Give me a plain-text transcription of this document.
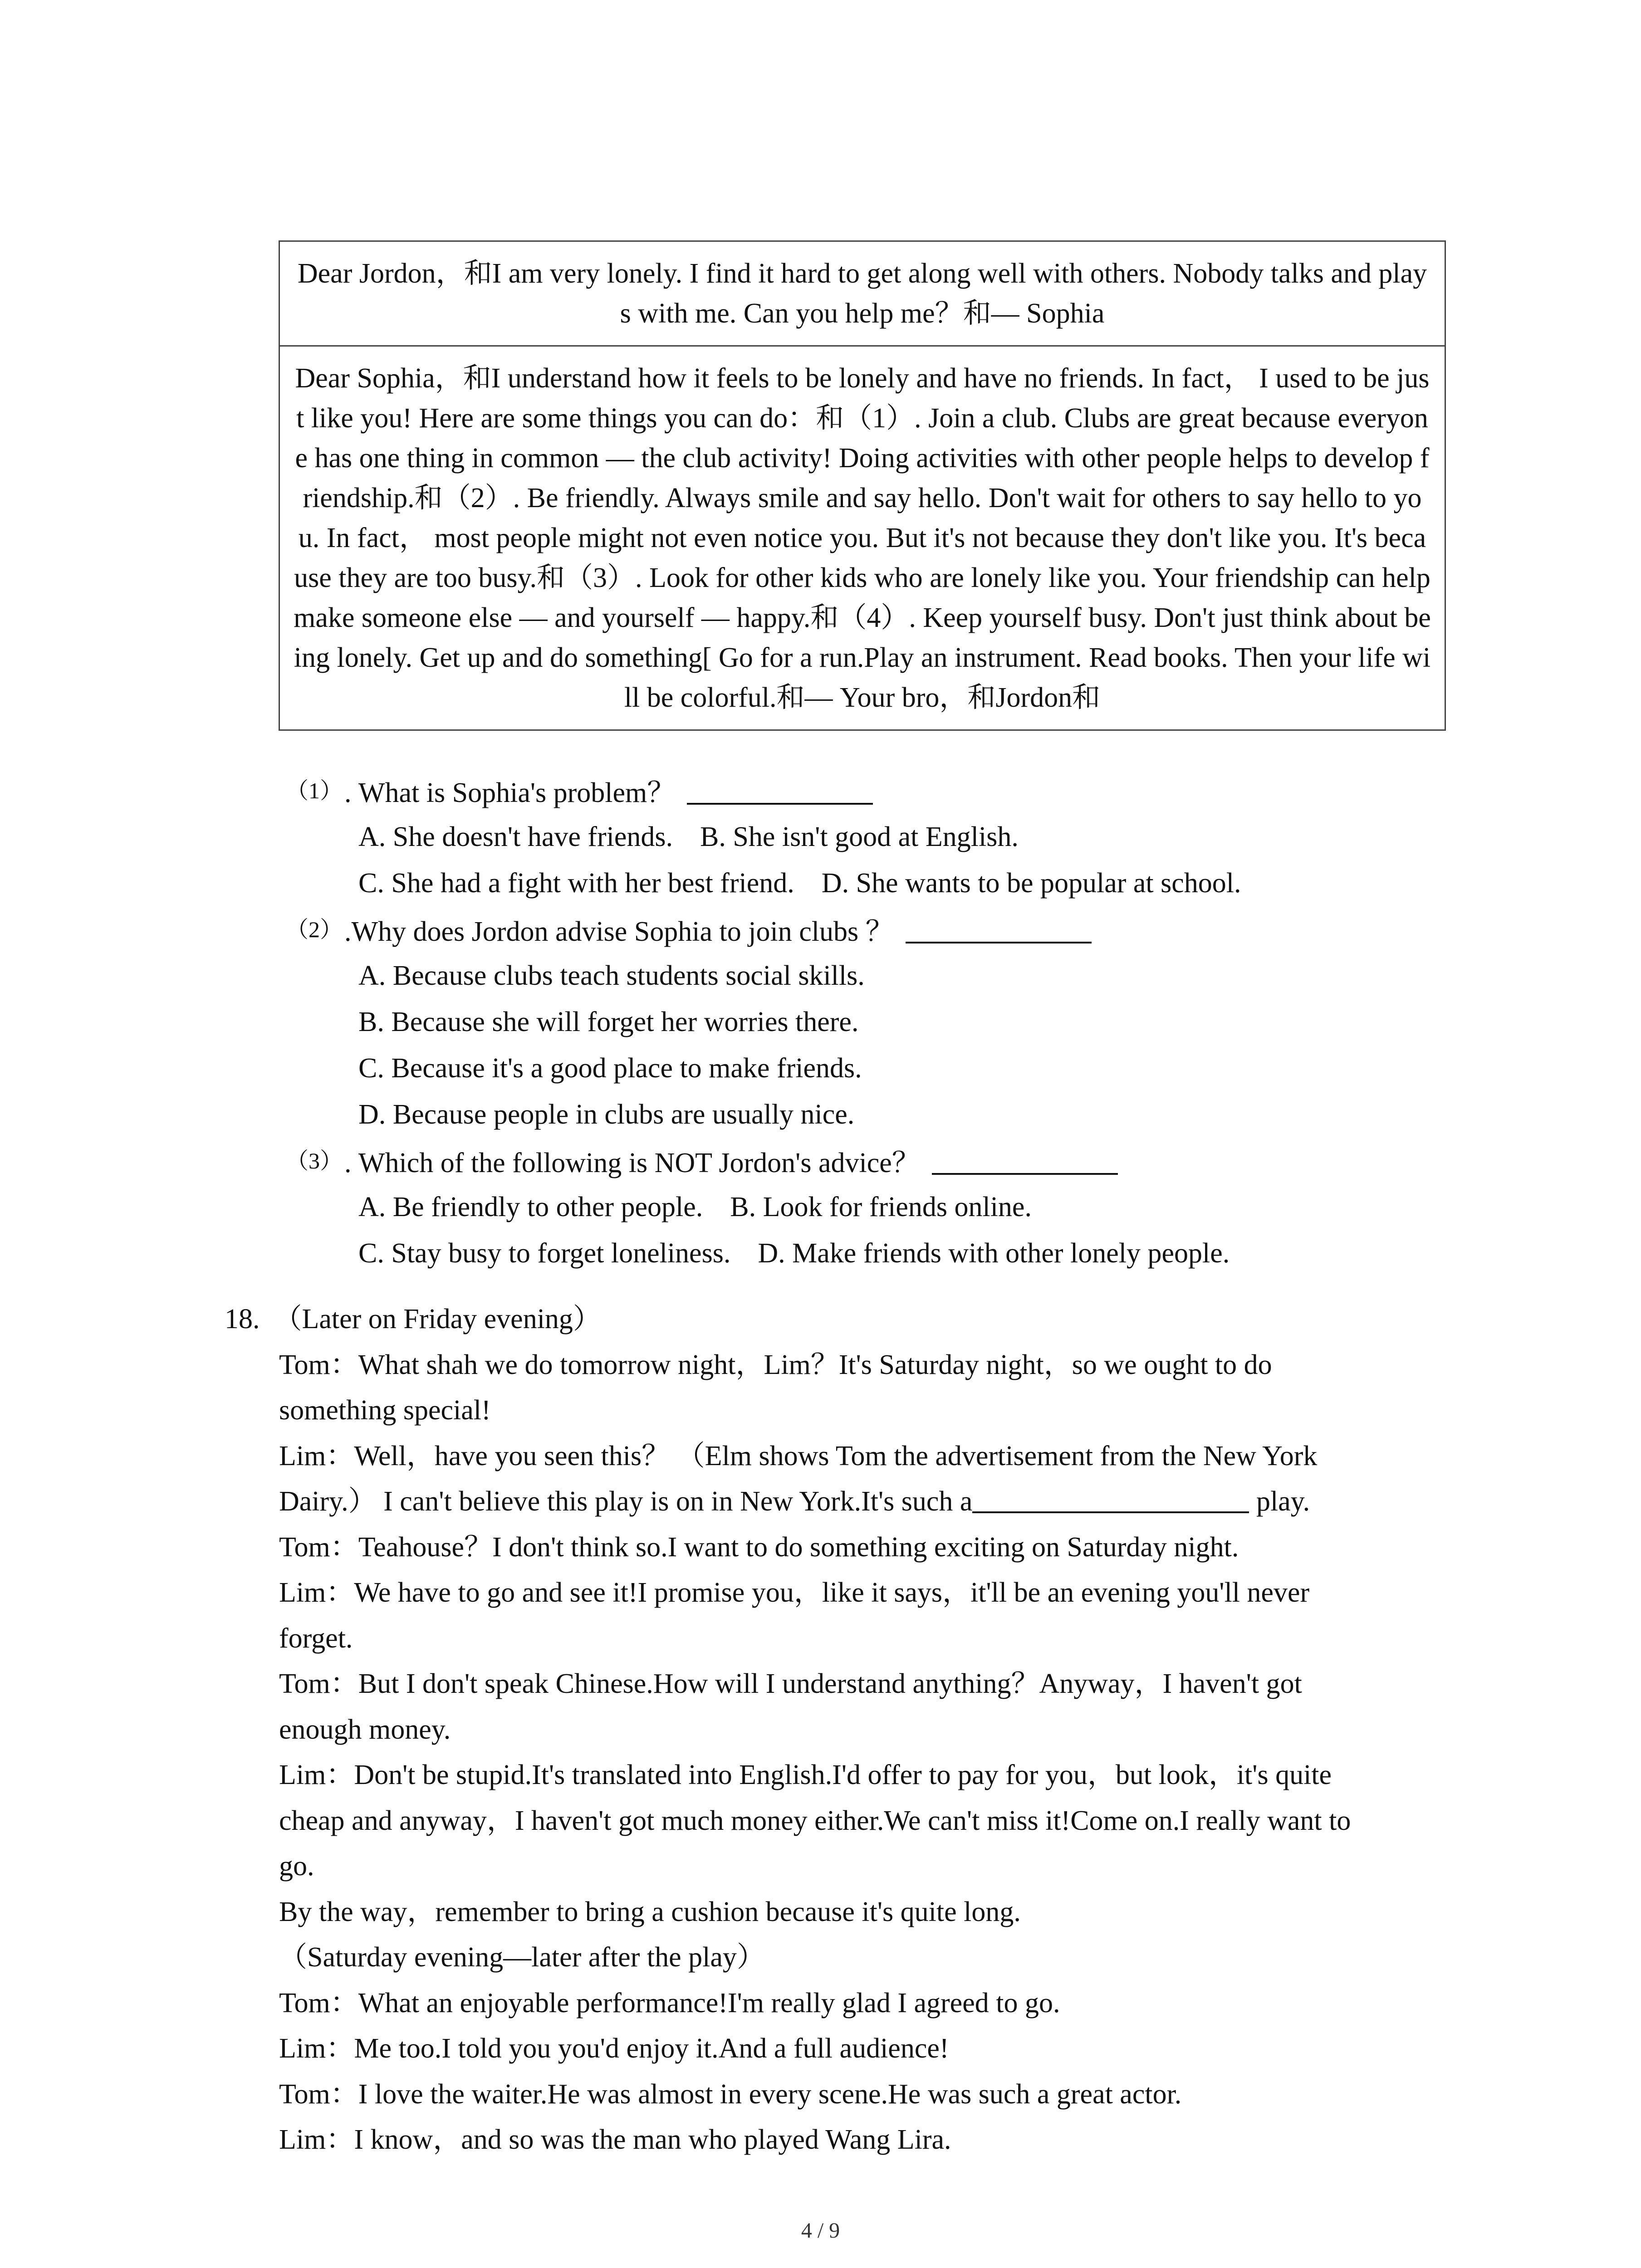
Dear Jordon，和I am very lonely. I find it hard to get along well with others. Nobody talks and plays with me. Can you help me？和— Sophia
Dear Sophia，和I understand how it feels to be lonely and have no friends. In fact， I used to be just like you! Here are some things you can do：和（1）. Join a club. Clubs are great because everyone has one thing in common — the club activity! Doing activities with other people helps to develop friendship.和（2）. Be friendly. Always smile and say hello. Don't wait for others to say hello to you. In fact， most people might not even notice you. But it's not because they don't like you. It's because they are too busy.和（3）. Look for other kids who are lonely like you. Your friendship can help make someone else — and yourself — happy.和（4）. Keep yourself busy. Don't just think about being lonely. Get up and do something[ Go for a run.Play an instrument. Read books. Then your life will be colorful.和— Your bro，和Jordon和
（1）. What is Sophia's problem？
A. She doesn't have friends. B. She isn't good at English.
C. She had a fight with her best friend. D. She wants to be popular at school.
（2）.Why does Jordon advise Sophia to join clubs ？
A. Because clubs teach students social skills.
B. Because she will forget her worries there.
C. Because it's a good place to make friends.
D. Because people in clubs are usually nice.
（3）. Which of the following is NOT Jordon's advice？
A. Be friendly to other people. B. Look for friends online.
C. Stay busy to forget loneliness. D. Make friends with other lonely people.
18. （Later on Friday evening）
Tom：What shah we do tomorrow night，Lim？It's Saturday night，so we ought to do
something special!
Lim：Well，have you seen this？ （Elm shows Tom the advertisement from the New York
Dairy.） I can't believe this play is on in New York.It's such a	play.
Tom：Teahouse？I don't think so.I want to do something exciting on Saturday night.
Lim：We have to go and see it!I promise you，like it says，it'll be an evening you'll never
forget.
Tom：But I don't speak Chinese.How will I understand anything？Anyway，I haven't got
enough money.
Lim：Don't be stupid.It's translated into English.I'd offer to pay for you，but look，it's quite
cheap and anyway，I haven't got much money either.We can't miss it!Come on.I really want to
go.
By the way，remember to bring a cushion because it's quite long.
（Saturday evening—later after the play）
Tom：What an enjoyable performance!I'm really glad I agreed to go.
Lim：Me too.I told you you'd enjoy it.And a full audience!
Tom：I love the waiter.He was almost in every scene.He was such a great actor.
Lim：I know，and so was the man who played Wang Lira.
4 / 9
